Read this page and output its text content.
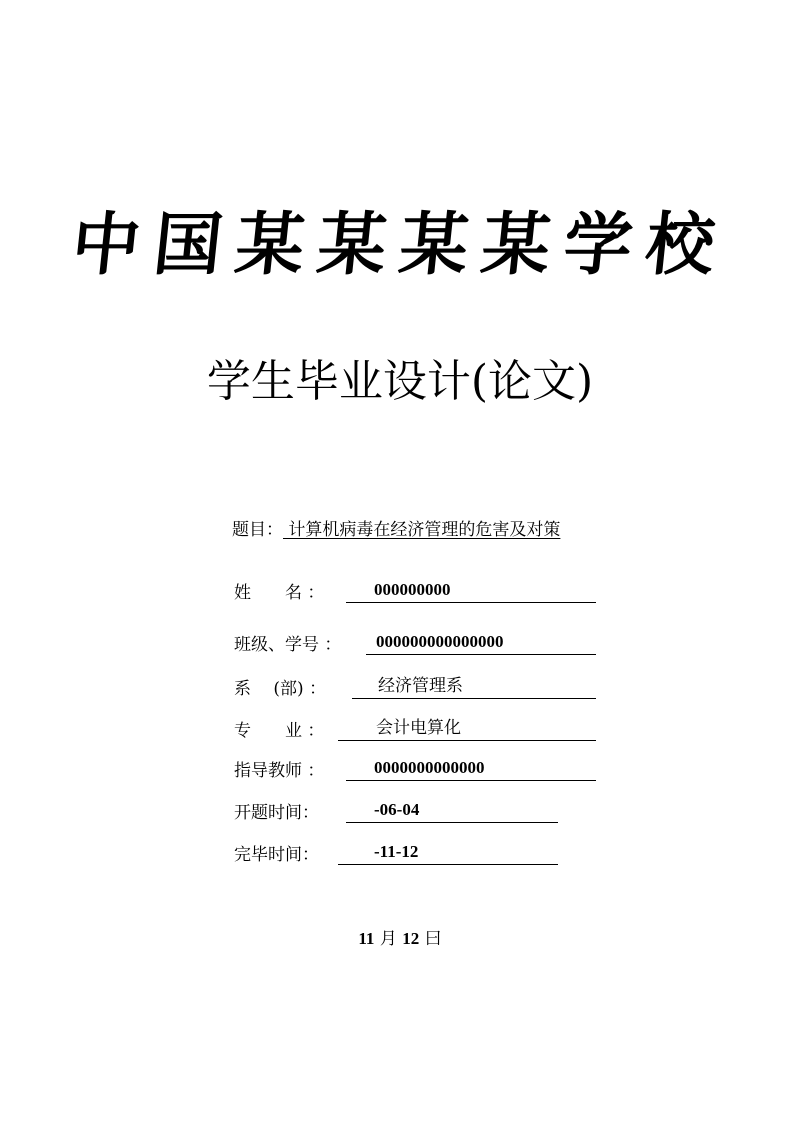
中国某某某某学校
学生毕业设计(论文)
题目： 计算机病毒在经济管理的危害及对策
姓　　名 ：	000000000
班级、学号 ： 000000000000000
系　 (部) ：	经济管理系
专　　业 ：	会计电算化
指导教师 ：	0000000000000
开题时间：	-06-04
完毕时间：	-11-12
11 月 12 曰
